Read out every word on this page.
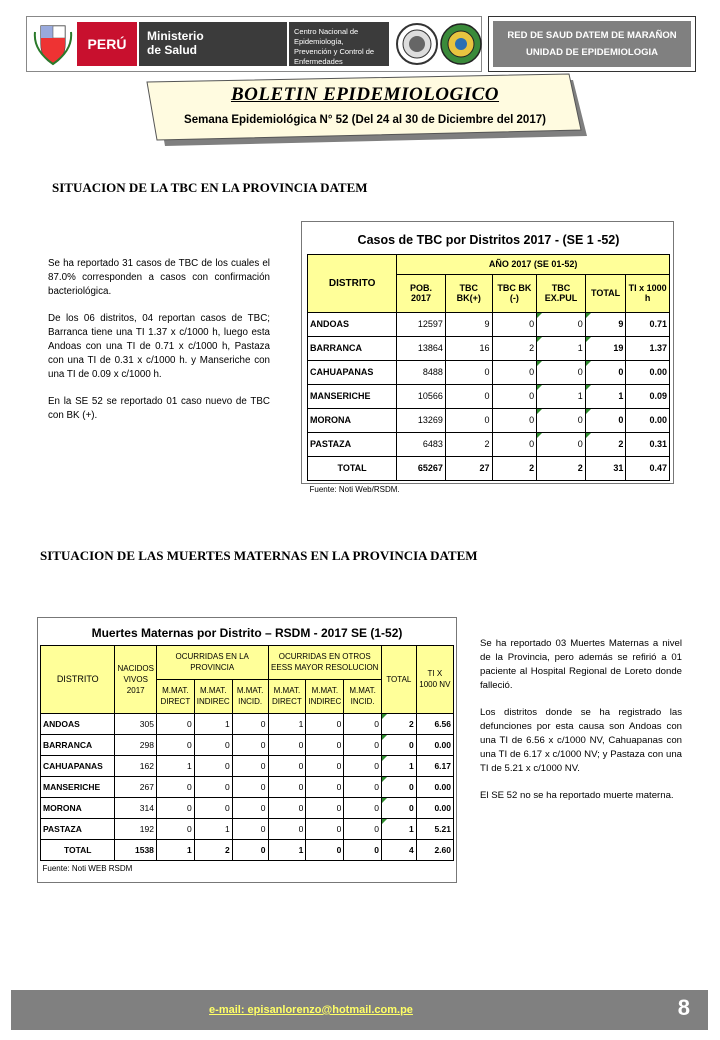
PERÚ	Ministerio
de Salud
Centro Nacional de Epidemiología,
Prevención y Control de
Enfermedades
RED DE SAUD DATEM DE MARAÑON
UNIDAD DE EPIDEMIOLOGIA
BOLETIN EPIDEMIOLOGICO
Semana Epidemiológica N° 52 (Del 24 al 30 de Diciembre del 2017)
SITUACION DE LA TBC EN LA PROVINCIA DATEM

Se ha reportado 31 casos de TBC de los cuales el 87.0% corresponden a casos con confirmación bacteriológica.

De los 06 distritos, 04 reportan casos de TBC; Barranca tiene una TI 1.37 x c/1000 h, luego esta Andoas con una TI de 0.71 x c/1000 h, Pastaza con una TI de 0.31 x c/1000 h. y Manseriche con una TI de 0.09 x c/1000 h.

En la SE 52 se reportado 01 caso nuevo de TBC con BK (+).

Casos de TBC por Distritos 2017 - (SE 1 -52)						
DISTRITO	AÑO 2017 (SE 01-52)					
	POB. 2017	TBC BK(+)	TBC BK (-)	TBC EX.PUL	TOTAL	TI x 1000 h
ANDOAS	12597	9	0	0	9	0.71
BARRANCA	13864	16	2	1	19	1.37
CAHUAPANAS	8488	0	0	0	0	0.00
MANSERICHE	10566	0	0	1	1	0.09
MORONA	13269	0	0	0	0	0.00
PASTAZA	6483	2	0	0	2	0.31
TOTAL	65267	27	2	2	31	0.47
Fuente: Noti Web/RSDM.						
SITUACION DE LAS MUERTES MATERNAS EN LA PROVINCIA DATEM
Muertes Maternas por Distrito – RSDM - 2017 SE (1-52)									
DISTRITO	NACIDOS VIVOS 2017	OCURRIDAS EN LA PROVINCIA			OCURRIDAS EN OTROS EESS MAYOR RESOLUCION			TOTAL	TI X 1000 NV
		M.MAT. DIRECT	M.MAT. INDIREC	M.MAT. INCID.	M.MAT. DIRECT	M.MAT. INDIREC	M.MAT. INCID.		
ANDOAS	305	0	1	0	1	0	0	2	6.56
BARRANCA	298	0	0	0	0	0	0	0	0.00
CAHUAPANAS	162	1	0	0	0	0	0	1	6.17
MANSERICHE	267	0	0	0	0	0	0	0	0.00
MORONA	314	0	0	0	0	0	0	0	0.00
PASTAZA	192	0	1	0	0	0	0	1	5.21
TOTAL	1538	1	2	0	1	0	0	4	2.60
Fuente: Noti WEB RSDM									

Se ha reportado 03 Muertes Maternas a nivel de la Provincia, pero además se refirió a 01 paciente al Hospital Regional de Loreto donde falleció.

Los distritos donde se ha registrado las defunciones por esta causa son Andoas con una TI de 6.56 x c/1000 NV, Cahuapanas con una TI de 6.17 x c/1000 NV; y Pastaza con una TI de 5.21 x c/1000 NV.

El SE 52 no se ha reportado muerte materna.

e-mail: episanlorenzo@hotmail.com.pe	8
